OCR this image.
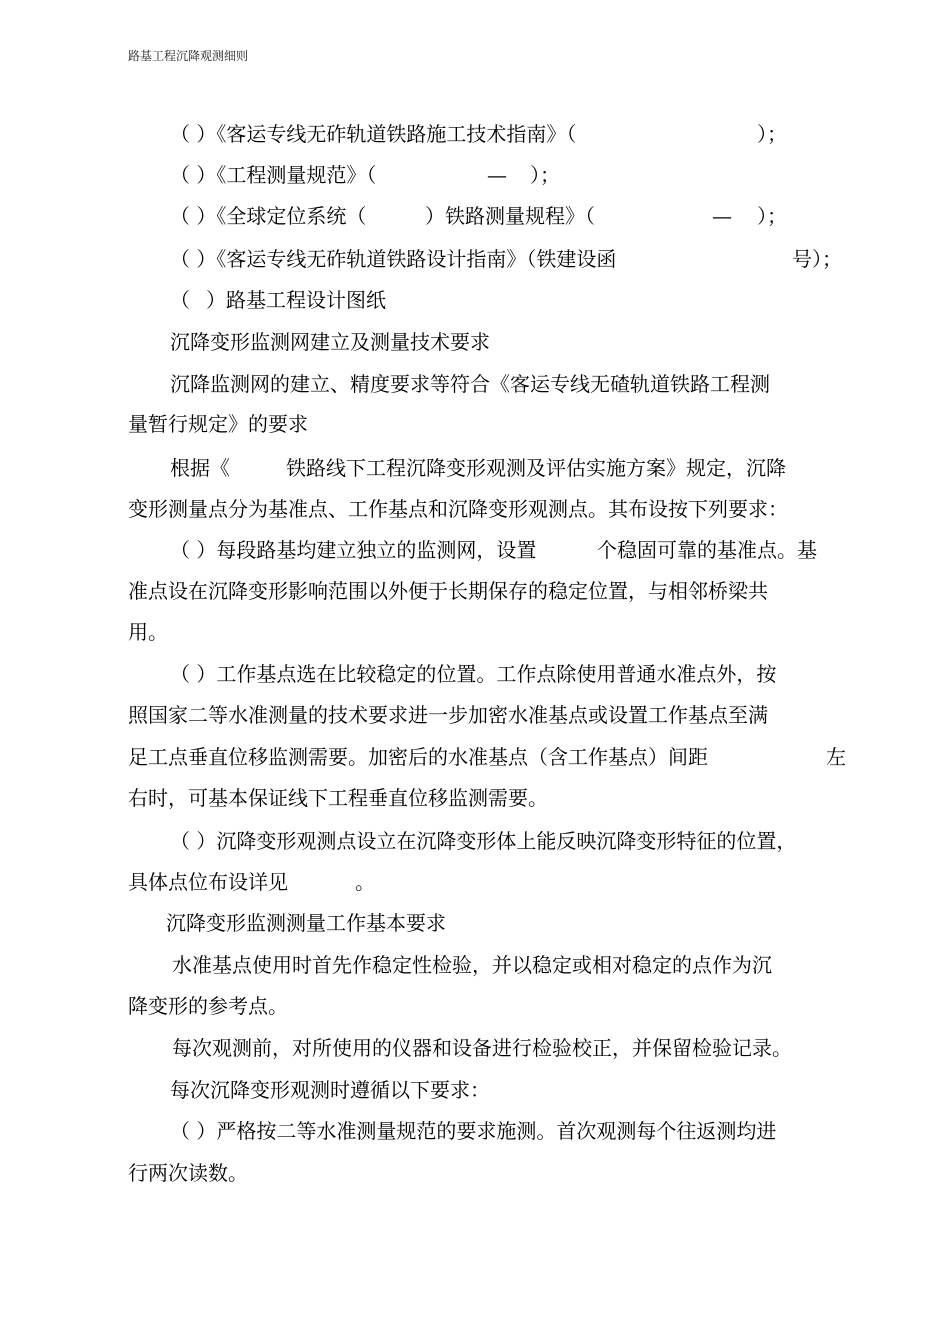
路基工程沉降观测细则
（ ）《客运专线无砟轨道铁路施工技术指南》（	）；
（ ）《工程测量规范》（	— ）；
（ ）《全球定位系统（	）铁路测量规程》（	— ）；
（ ）《客运专线无砟轨道铁路设计指南》（铁建设函	号）；
（ ）路基工程设计图纸
沉降变形监测网建立及测量技术要求
沉降监测网的建立、精度要求等符合《客运专线无碴轨道铁路工程测
量暂行规定》的要求
根据《	铁路线下工程沉降变形观测及评估实施方案》规定，沉降
变形测量点分为基准点、工作基点和沉降变形观测点。其布设按下列要求：
（ ）每段路基均建立独立的监测网，设置	个稳固可靠的基准点。基
准点设在沉降变形影响范围以外便于长期保存的稳定位置，与相邻桥梁共
用。
（ ）工作基点选在比较稳定的位置。工作点除使用普通水准点外，按
照国家二等水准测量的技术要求进一步加密水准基点或设置工作基点至满
足工点垂直位移监测需要。加密后的水准基点（含工作基点）间距	左
右时，可基本保证线下工程垂直位移监测需要。
（ ）沉降变形观测点设立在沉降变形体上能反映沉降变形特征的位置，
具体点位布设详见	。
沉降变形监测测量工作基本要求
水准基点使用时首先作稳定性检验，并以稳定或相对稳定的点作为沉
降变形的参考点。
每次观测前，对所使用的仪器和设备进行检验校正，并保留检验记录。
每次沉降变形观测时遵循以下要求：
（ ）严格按二等水准测量规范的要求施测。首次观测每个往返测均进
行两次读数。
